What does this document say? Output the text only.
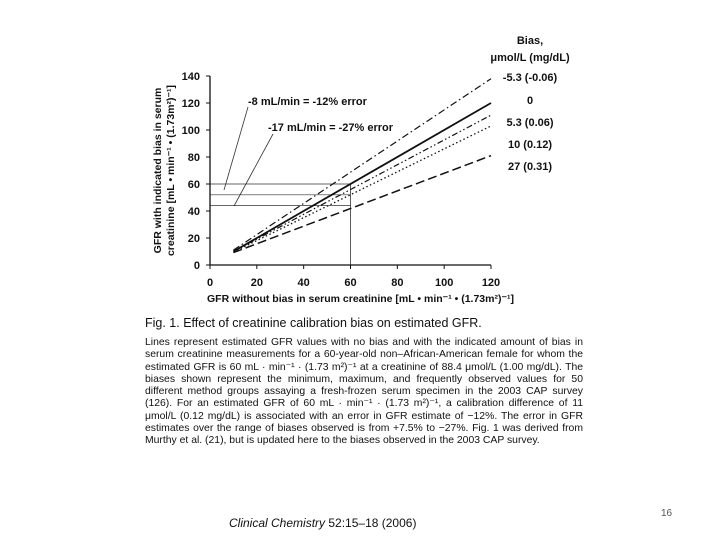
GFR without bias in serum creatinine [mL • min⁻¹ • (1.73m²)⁻¹]
GFR with indicated bias in serum creatinine [mL • min⁻¹ • (1.73m²)⁻¹]
0	20	40	60	80	100	120
0
20
40
60
80
100
120
140
Bias,
μmol/L (mg/dL)
-5.3 (-0.06)
0
5.3 (0.06)
10 (0.12)
27 (0.31)
-8 mL/min = -12% error
-17 mL/min = -27% error

Fig. 1. Effect of creatinine calibration bias on estimated GFR.

Lines represent estimated GFR values with no bias and with the indicated amount of bias in serum creatinine measurements for a 60-year-old non–African-American female for whom the estimated GFR is 60 mL · min⁻¹ · (1.73 m²)⁻¹ at a creatinine of 88.4 μmol/L (1.00 mg/dL). The biases shown represent the minimum, maximum, and frequently observed values for 50 different method groups assaying a fresh-frozen serum specimen in the 2003 CAP survey (126). For an estimated GFR of 60 mL · min⁻¹ · (1.73 m²)⁻¹, a calibration difference of 11 μmol/L (0.12 mg/dL) is associated with an error in GFR estimate of −12%. The error in GFR estimates over the range of biases observed is from +7.5% to −27%. Fig. 1 was derived from Murthy et al. (21), but is updated here to the biases observed in the 2003 CAP survey.

Clinical Chemistry 52:15–18 (2006)
16
